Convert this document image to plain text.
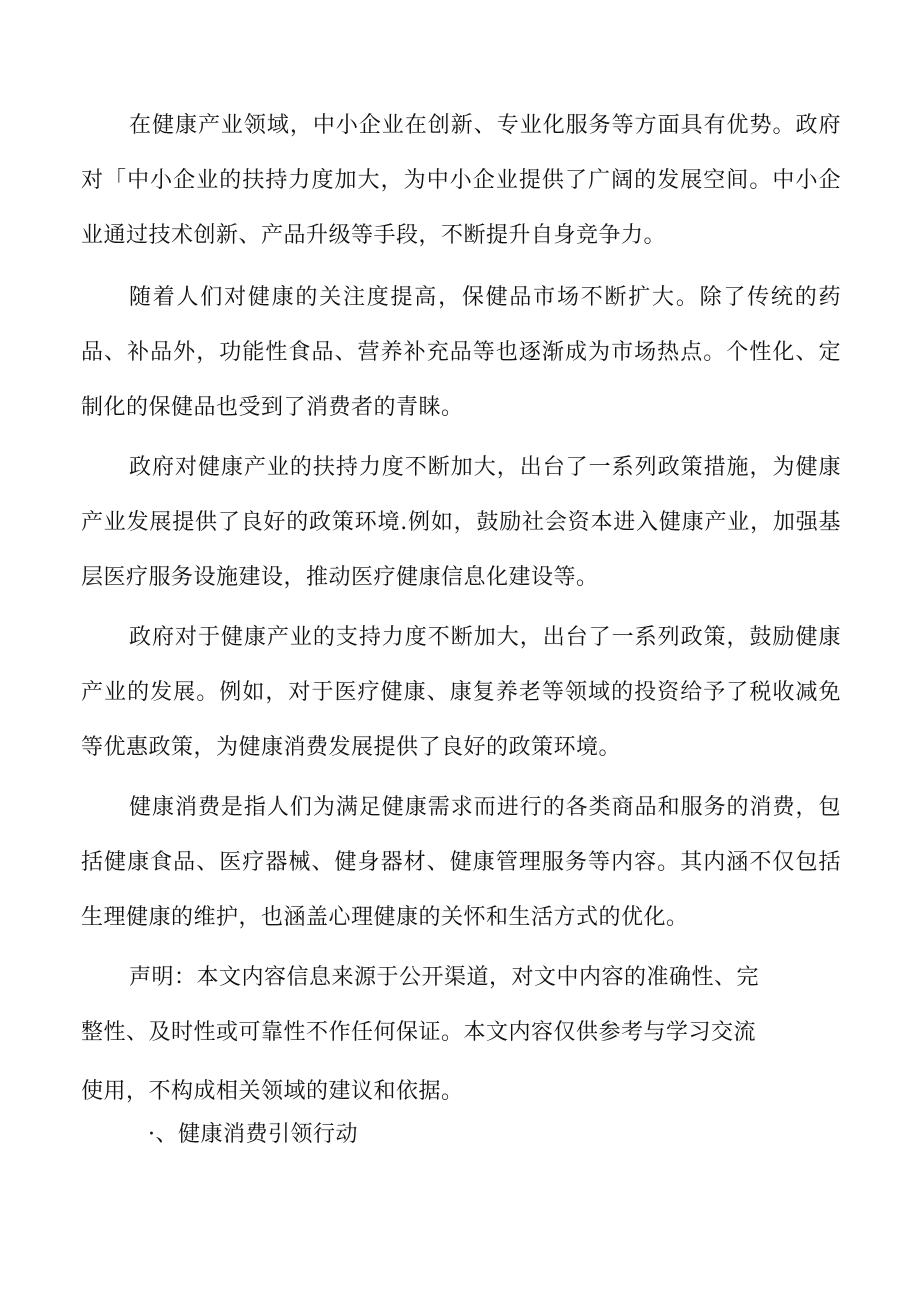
在健康产业领域，中小企业在创新、专业化服务等方面具有优势。政府对「中小企业的扶持力度加大，为中小企业提供了广阔的发展空间。中小企业通过技术创新、产品升级等手段，不断提升自身竞争力。

随着人们对健康的关注度提高，保健品市场不断扩大。除了传统的药品、补品外，功能性食品、营养补充品等也逐渐成为市场热点。个性化、定制化的保健品也受到了消费者的青睐。

政府对健康产业的扶持力度不断加大，出台了一系列政策措施，为健康产业发展提供了良好的政策环境.例如，鼓励社会资本进入健康产业，加强基层医疗服务设施建设，推动医疗健康信息化建设等。

政府对于健康产业的支持力度不断加大，出台了一系列政策，鼓励健康产业的发展。例如，对于医疗健康、康复养老等领域的投资给予了税收减免等优惠政策，为健康消费发展提供了良好的政策环境。

健康消费是指人们为满足健康需求而进行的各类商品和服务的消费，包括健康食品、医疗器械、健身器材、健康管理服务等内容。其内涵不仅包括生理健康的维护，也涵盖心理健康的关怀和生活方式的优化。

声明：本文内容信息来源于公开渠道，对文中内容的准确性、完整性、及时性或可靠性不作任何保证。本文内容仅供参考与学习交流

使用，不构成相关领域的建议和依据。

·、健康消费引领行动
